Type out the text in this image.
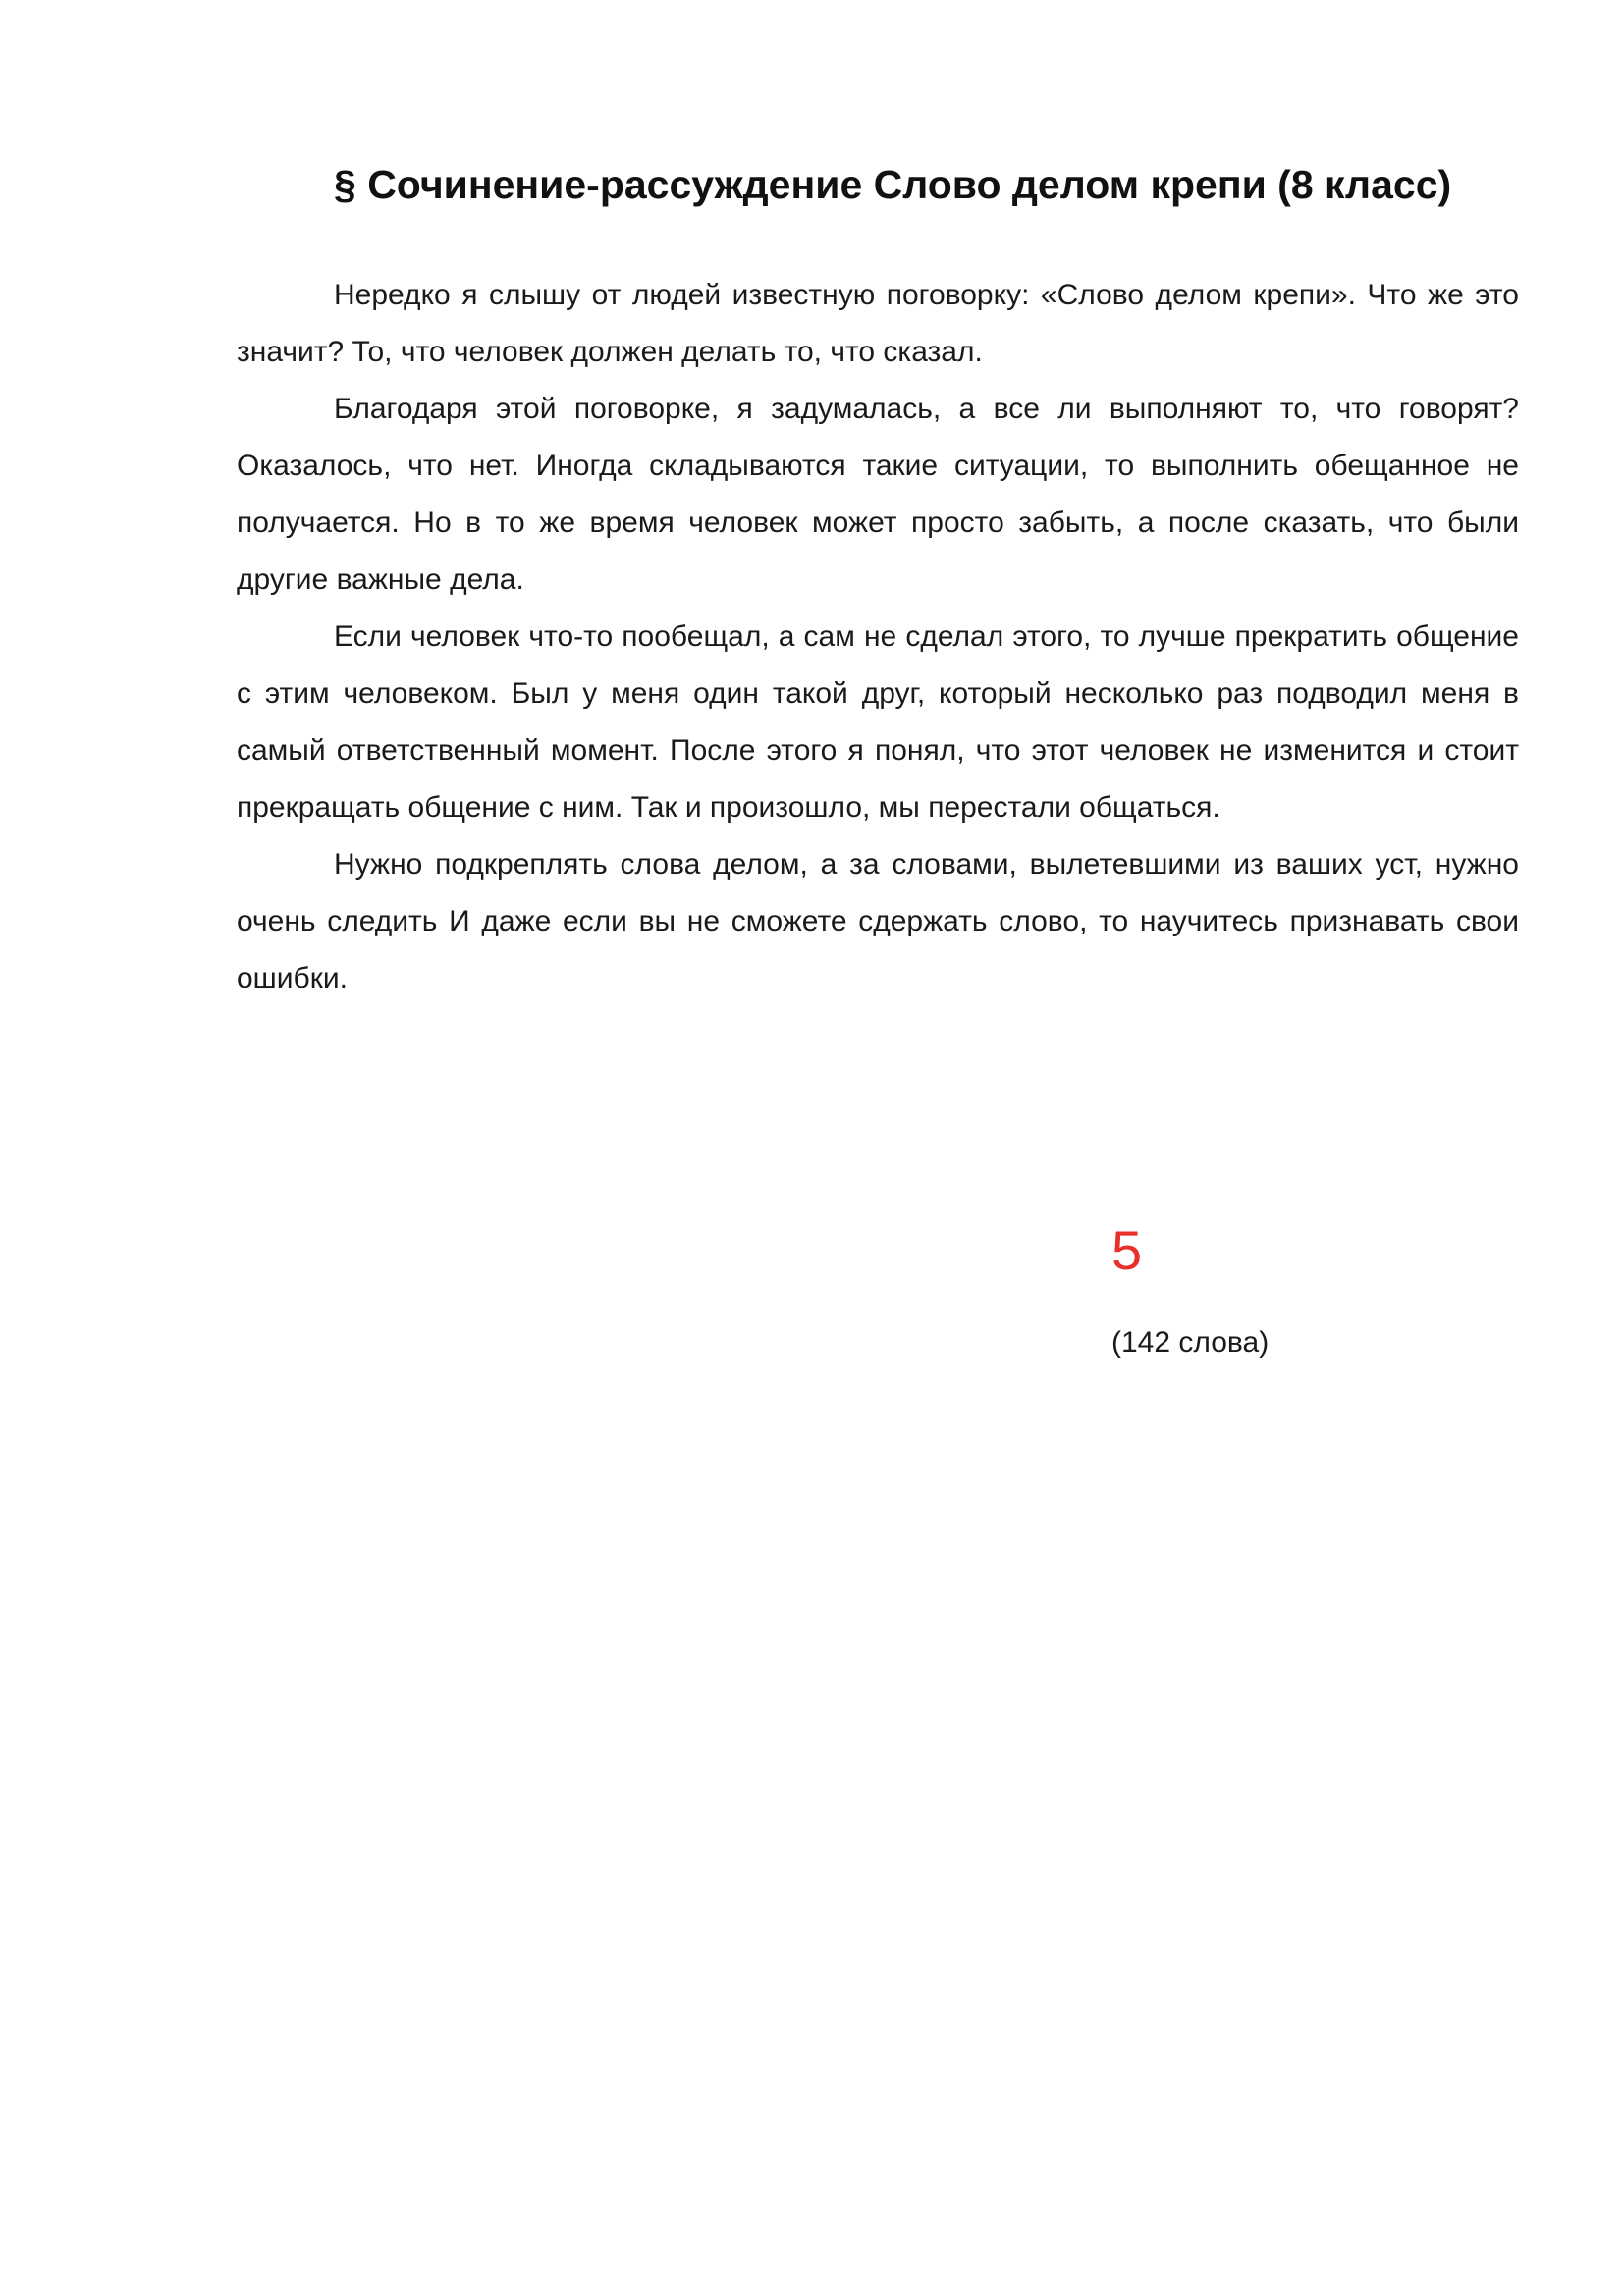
§ Сочинение-рассуждение Слово делом крепи (8 класс)

Нередко я слышу от людей известную поговорку: «Слово делом крепи». Что же это значит? То, что человек должен делать то, что сказал.

Благодаря этой поговорке, я задумалась, а все ли выполняют то, что говорят? Оказалось, что нет. Иногда складываются такие ситуации, то выполнить обещанное не получается. Но в то же время человек может просто забыть, а после сказать, что были другие важные дела.

Если человек что-то пообещал, а сам не сделал этого, то лучше прекратить общение с этим человеком. Был у меня один такой друг, который несколько раз подводил меня в самый ответственный момент. После этого я понял, что этот человек не изменится и стоит прекращать общение с ним. Так и произошло, мы перестали общаться.

Нужно подкреплять слова делом, а за словами, вылетевшими из ваших уст, нужно очень следить И даже если вы не сможете сдержать слово, то научитесь признавать свои ошибки.

5
(142 слова)
